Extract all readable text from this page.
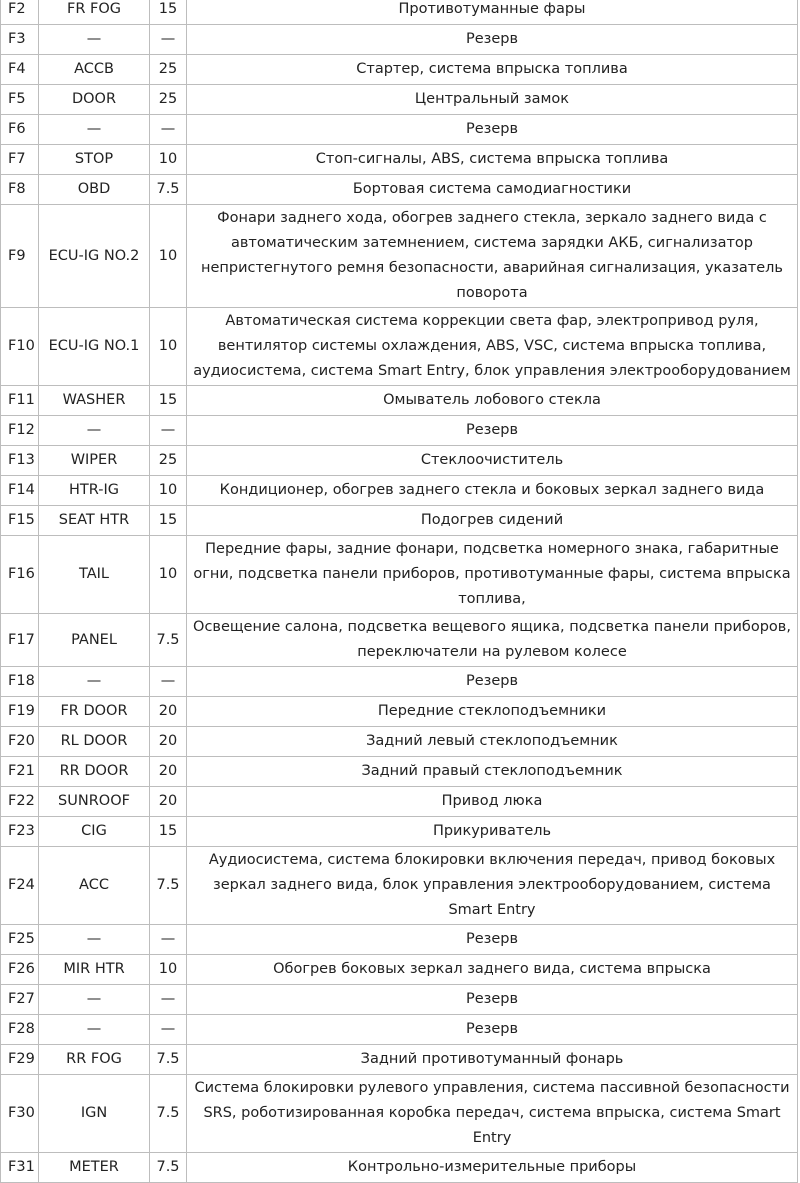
F2	FR FOG	15	Противотуманные фары
F3	—	—	Резерв
F4	ACCB	25	Стартер, система впрыска топлива
F5	DOOR	25	Центральный замок
F6	—	—	Резерв
F7	STOP	10	Стоп-сигналы, ABS, система впрыска топлива
F8	OBD	7.5	Бортовая система самодиагностики
F9	ECU-IG NO.2	10	Фонари заднего хода, обогрев заднего стекла, зеркало заднего вида с автоматическим затемнением, система зарядки АКБ, сигнализатор непристегнутого ремня безопасности, аварийная сигнализация, указатель поворота
F10	ECU-IG NO.1	10	Автоматическая система коррекции света фар, электропривод руля, вентилятор системы охлаждения, ABS, VSC, система впрыска топлива, аудиосистема, система Smart Entry, блок управления электрооборудованием
F11	WASHER	15	Омыватель лобового стекла
F12	—	—	Резерв
F13	WIPER	25	Стеклоочиститель
F14	HTR-IG	10	Кондиционер, обогрев заднего стекла и боковых зеркал заднего вида
F15	SEAT HTR	15	Подогрев сидений
F16	TAIL	10	Передние фары, задние фонари, подсветка номерного знака, габаритные огни, подсветка панели приборов, противотуманные фары, система впрыска топлива,
F17	PANEL	7.5	Освещение салона, подсветка вещевого ящика, подсветка панели приборов, переключатели на рулевом колесе
F18	—	—	Резерв
F19	FR DOOR	20	Передние стеклоподъемники
F20	RL DOOR	20	Задний левый стеклоподъемник
F21	RR DOOR	20	Задний правый стеклоподъемник
F22	SUNROOF	20	Привод люка
F23	CIG	15	Прикуриватель
F24	ACC	7.5	Аудиосистема, система блокировки включения передач, привод боковых зеркал заднего вида, блок управления электрооборудованием, система Smart Entry
F25	—	—	Резерв
F26	MIR HTR	10	Обогрев боковых зеркал заднего вида, система впрыска
F27	—	—	Резерв
F28	—	—	Резерв
F29	RR FOG	7.5	Задний противотуманный фонарь
F30	IGN	7.5	Система блокировки рулевого управления, система пассивной безопасности SRS, роботизированная коробка передач, система впрыска, система Smart Entry
F31	METER	7.5	Контрольно-измерительные приборы
